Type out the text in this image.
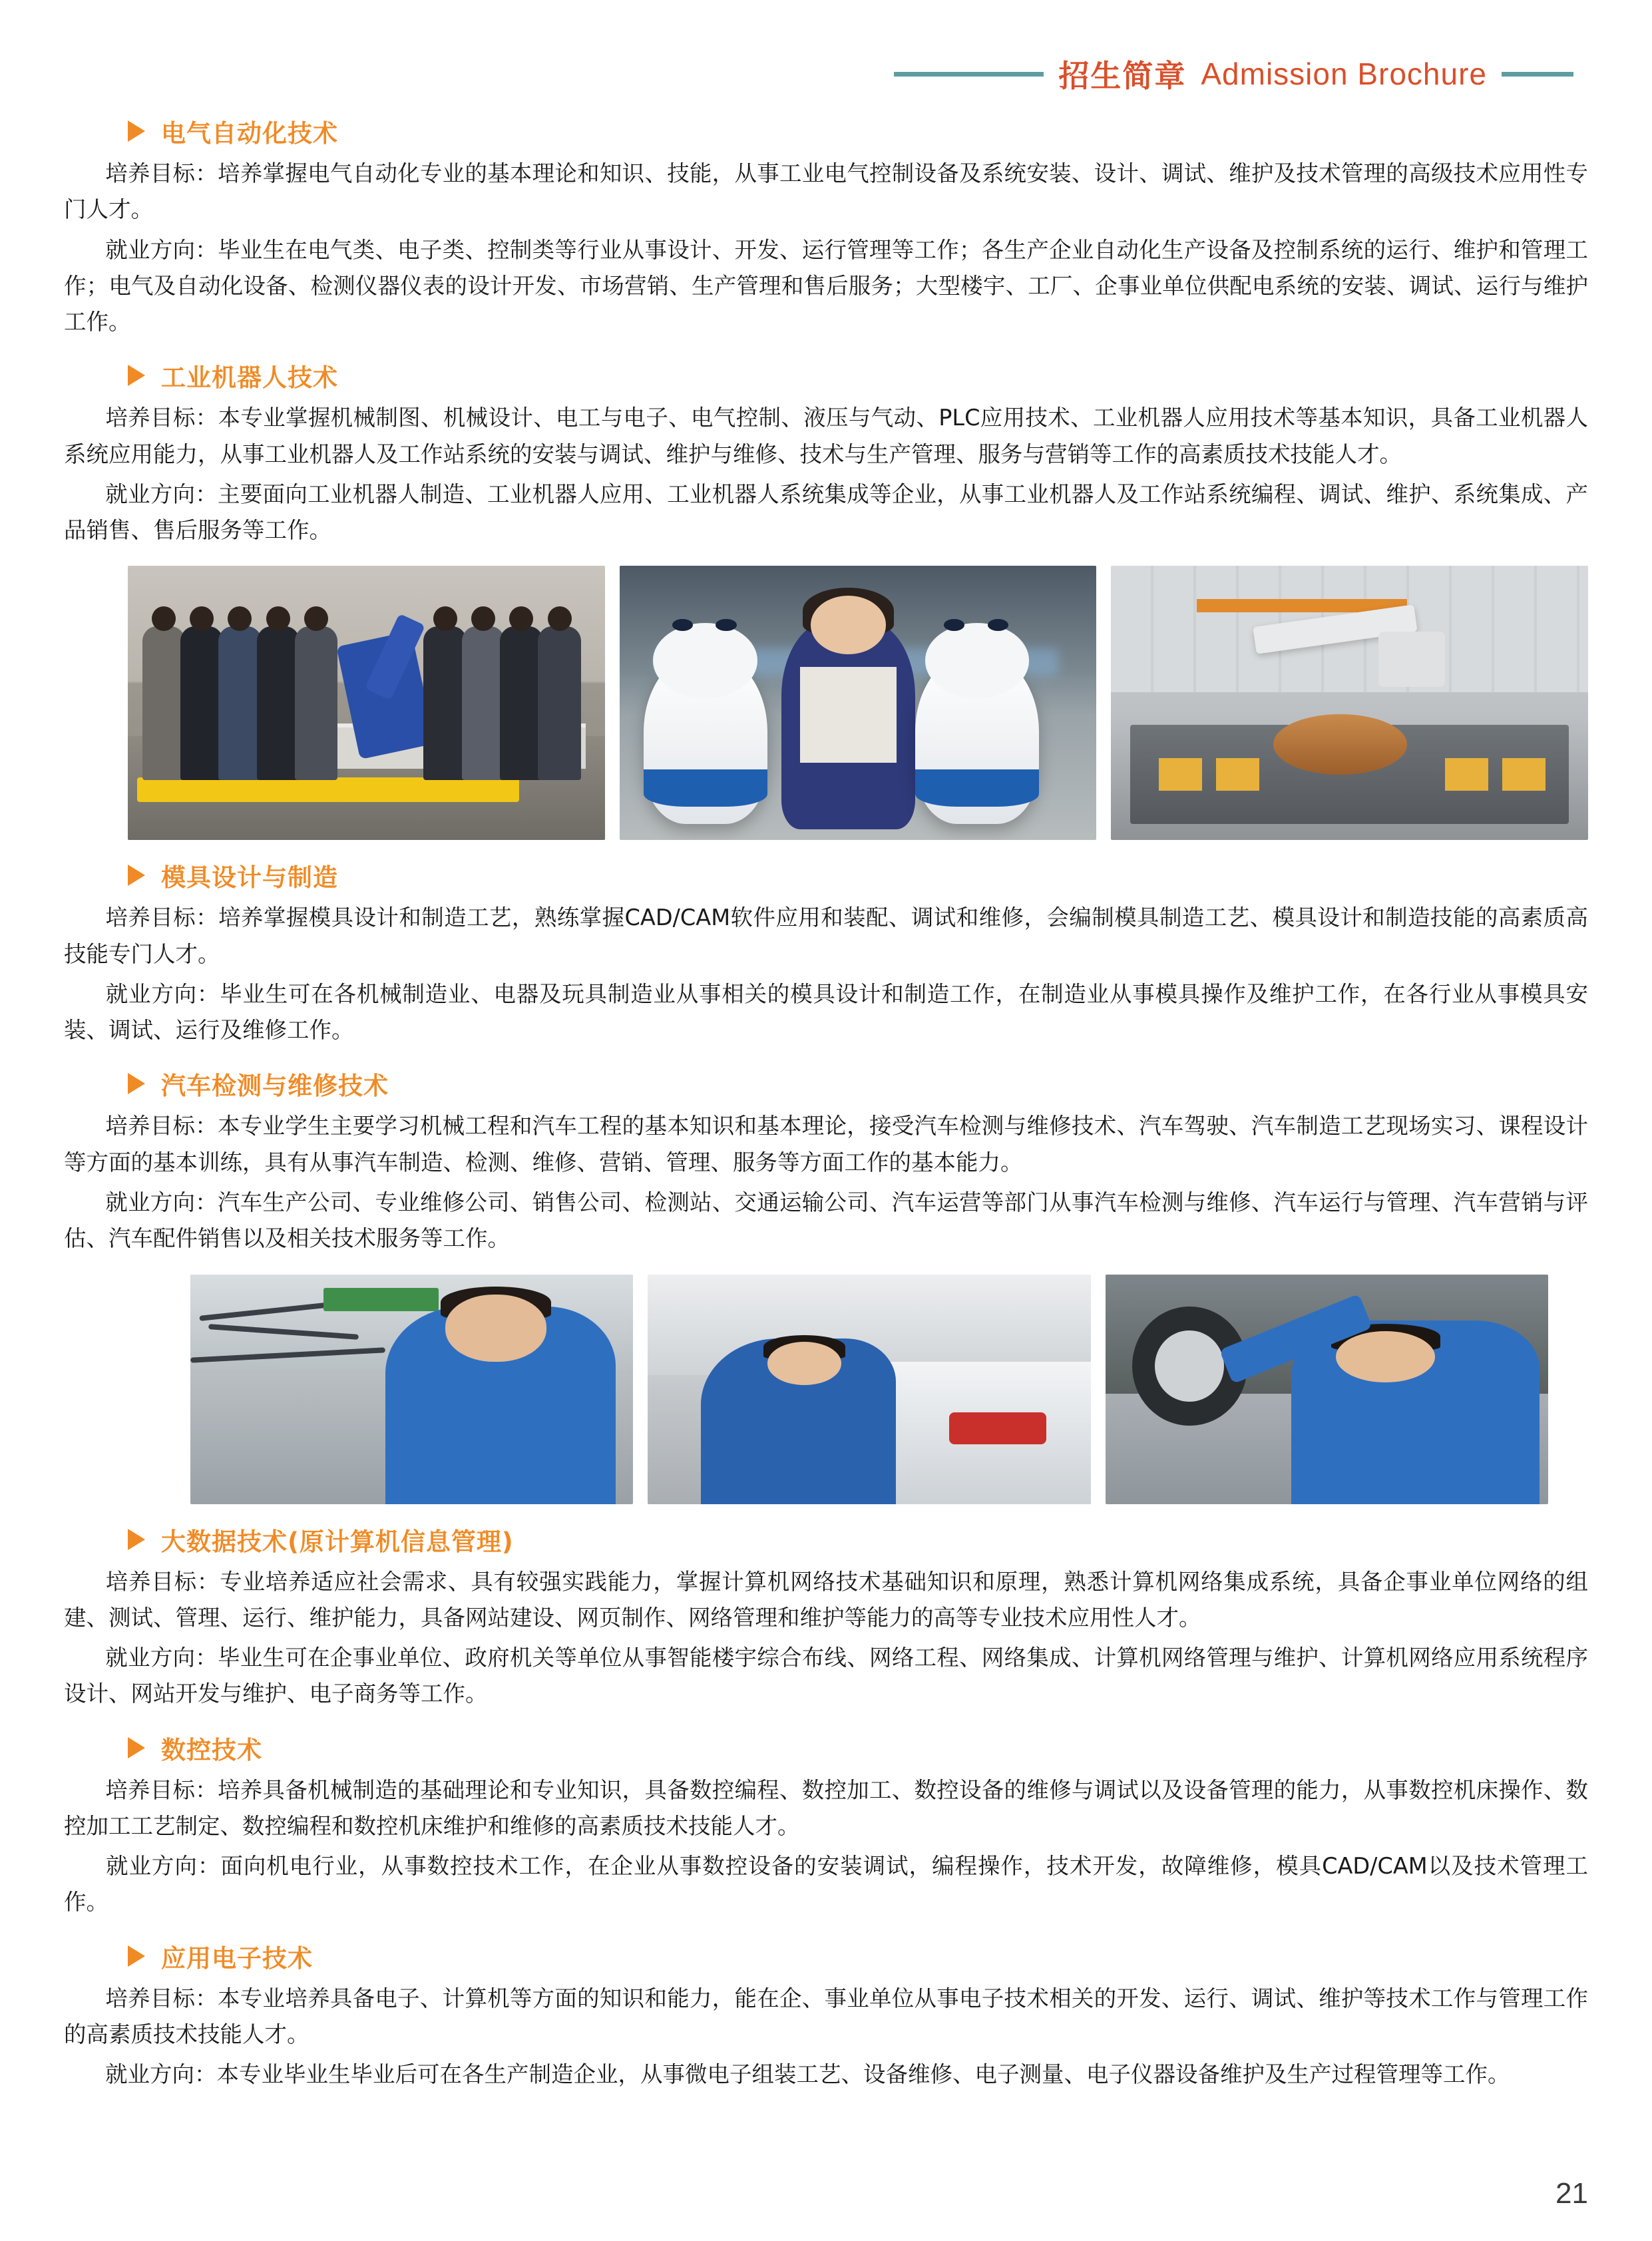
招生简章 Admission Brochure
电气自动化技术

培养目标：培养掌握电气自动化专业的基本理论和知识、技能，从事工业电气控制设备及系统安装、设计、调试、维护及技术管理的高级技术应用性专门人才。

就业方向：毕业生在电气类、电子类、控制类等行业从事设计、开发、运行管理等工作；各生产企业自动化生产设备及控制系统的运行、维护和管理工作；电气及自动化设备、检测仪器仪表的设计开发、市场营销、生产管理和售后服务；大型楼宇、工厂、企事业单位供配电系统的安装、调试、运行与维护工作。

工业机器人技术

培养目标：本专业掌握机械制图、机械设计、电工与电子、电气控制、液压与气动、PLC应用技术、工业机器人应用技术等基本知识，具备工业机器人系统应用能力，从事工业机器人及工作站系统的安装与调试、维护与维修、技术与生产管理、服务与营销等工作的高素质技术技能人才。

就业方向：主要面向工业机器人制造、工业机器人应用、工业机器人系统集成等企业，从事工业机器人及工作站系统编程、调试、维护、系统集成、产品销售、售后服务等工作。

模具设计与制造

培养目标：培养掌握模具设计和制造工艺，熟练掌握CAD/CAM软件应用和装配、调试和维修，会编制模具制造工艺、模具设计和制造技能的高素质高技能专门人才。

就业方向：毕业生可在各机械制造业、电器及玩具制造业从事相关的模具设计和制造工作，在制造业从事模具操作及维护工作，在各行业从事模具安装、调试、运行及维修工作。

汽车检测与维修技术

培养目标：本专业学生主要学习机械工程和汽车工程的基本知识和基本理论，接受汽车检测与维修技术、汽车驾驶、汽车制造工艺现场实习、课程设计等方面的基本训练，具有从事汽车制造、检测、维修、营销、管理、服务等方面工作的基本能力。

就业方向：汽车生产公司、专业维修公司、销售公司、检测站、交通运输公司、汽车运营等部门从事汽车检测与维修、汽车运行与管理、汽车营销与评估、汽车配件销售以及相关技术服务等工作。

大数据技术(原计算机信息管理)

培养目标：专业培养适应社会需求、具有较强实践能力，掌握计算机网络技术基础知识和原理，熟悉计算机网络集成系统，具备企事业单位网络的组建、测试、管理、运行、维护能力，具备网站建设、网页制作、网络管理和维护等能力的高等专业技术应用性人才。

就业方向：毕业生可在企事业单位、政府机关等单位从事智能楼宇综合布线、网络工程、网络集成、计算机网络管理与维护、计算机网络应用系统程序设计、网站开发与维护、电子商务等工作。

数控技术

培养目标：培养具备机械制造的基础理论和专业知识，具备数控编程、数控加工、数控设备的维修与调试以及设备管理的能力，从事数控机床操作、数控加工工艺制定、数控编程和数控机床维护和维修的高素质技术技能人才。

就业方向：面向机电行业，从事数控技术工作，在企业从事数控设备的安装调试，编程操作，技术开发，故障维修，模具CAD/CAM以及技术管理工作。

应用电子技术

培养目标：本专业培养具备电子、计算机等方面的知识和能力，能在企、事业单位从事电子技术相关的开发、运行、调试、维护等技术工作与管理工作的高素质技术技能人才。

就业方向：本专业毕业生毕业后可在各生产制造企业，从事微电子组装工艺、设备维修、电子测量、电子仪器设备维护及生产过程管理等工作。

21
